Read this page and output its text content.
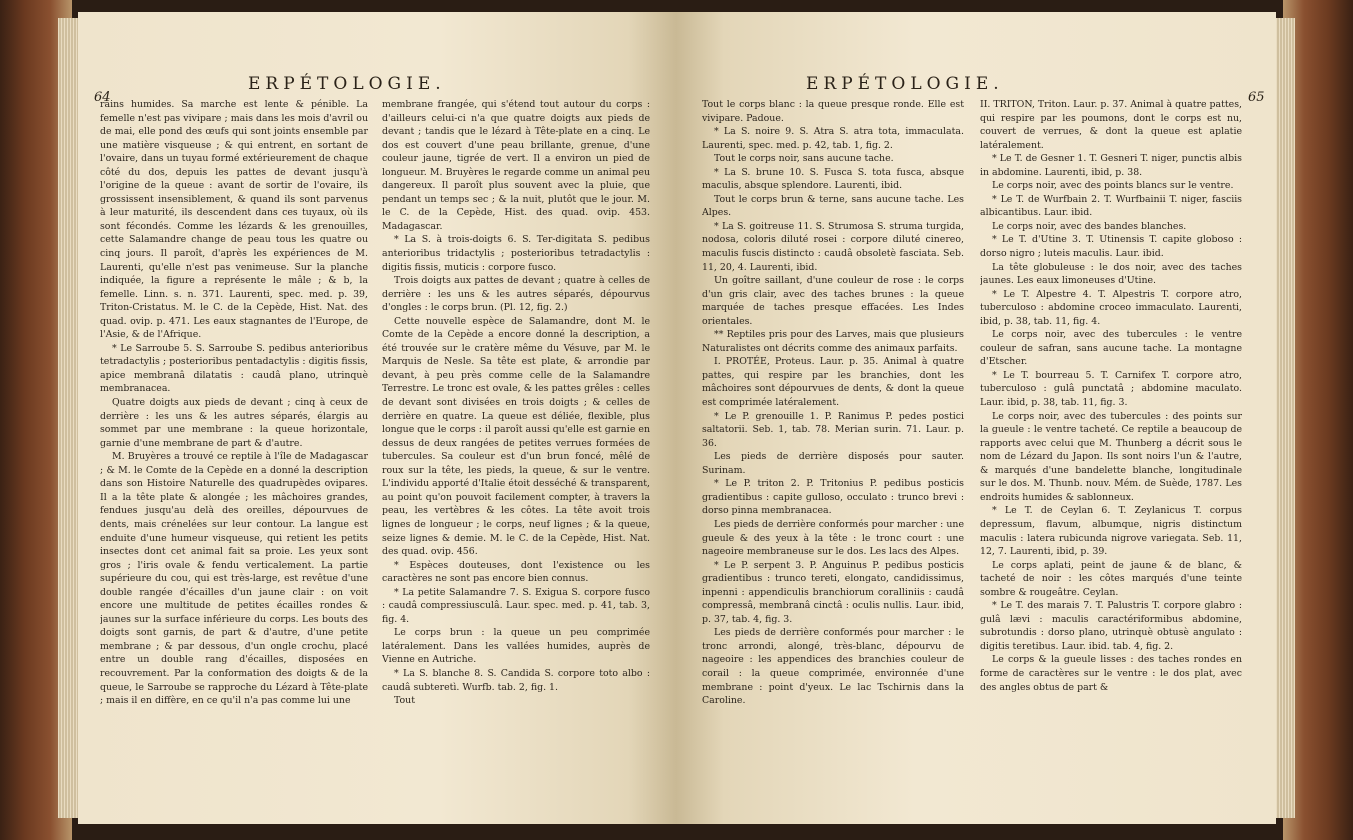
64
ERPÉTOLOGIE.

rains humides. Sa marche est lente & pénible. La femelle n'est pas vivipare ; mais dans les mois d'avril ou de mai, elle pond des œufs qui sont joints ensemble par une matière visqueuse ; & qui entrent, en sortant de l'ovaire, dans un tuyau formé extérieurement de chaque côté du dos, depuis les pattes de devant jusqu'à l'origine de la queue : avant de sortir de l'ovaire, ils grossissent insensiblement, & quand ils sont parvenus à leur maturité, ils descendent dans ces tuyaux, où ils sont fécondés. Comme les lézards & les grenouilles, cette Salamandre change de peau tous les quatre ou cinq jours. Il paroît, d'après les expériences de M. Laurenti, qu'elle n'est pas venimeuse. Sur la planche indiquée, la figure a représente le mâle ; & b, la femelle. Linn. s. n. 371. Laurenti, spec. med. p. 39, Triton-Cristatus. M. le C. de la Cepède, Hist. Nat. des quad. ovip. p. 471. Les eaux stagnantes de l'Europe, de l'Asie, & de l'Afrique.

* Le Sarroube 5. S. Sarroube S. pedibus anterioribus tetradactylis ; posterioribus pentadactylis : digitis fissis, apice membranâ dilatatis : caudâ plano, utrinquè membranacea.

Quatre doigts aux pieds de devant ; cinq à ceux de derrière : les uns & les autres séparés, élargis au sommet par une membrane : la queue horizontale, garnie d'une membrane de part & d'autre.

M. Bruyères a trouvé ce reptile à l'île de Madagascar ; & M. le Comte de la Cepède en a donné la description dans son Histoire Naturelle des quadrupèdes ovipares. Il a la tête plate & alongée ; les mâchoires grandes, fendues jusqu'au delà des oreilles, dépourvues de dents, mais crénelées sur leur contour. La langue est enduite d'une humeur visqueuse, qui retient les petits insectes dont cet animal fait sa proie. Les yeux sont gros ; l'iris ovale & fendu verticalement. La partie supérieure du cou, qui est très-large, est revêtue d'une double rangée d'écailles d'un jaune clair : on voit encore une multitude de petites écailles rondes & jaunes sur la surface inférieure du corps. Les bouts des doigts sont garnis, de part & d'autre, d'une petite membrane ; & par dessous, d'un ongle crochu, placé entre un double rang d'écailles, disposées en recouvrement. Par la conformation des doigts & de la queue, le Sarroube se rapproche du Lézard à Tête-plate ; mais il en diffère, en ce qu'il n'a pas comme lui une

membrane frangée, qui s'étend tout autour du corps : d'ailleurs celui-ci n'a que quatre doigts aux pieds de devant ; tandis que le lézard à Tête-plate en a cinq. Le dos est couvert d'une peau brillante, grenue, d'une couleur jaune, tigrée de vert. Il a environ un pied de longueur. M. Bruyères le regarde comme un animal peu dangereux. Il paroît plus souvent avec la pluie, que pendant un temps sec ; & la nuit, plutôt que le jour. M. le C. de la Cepède, Hist. des quad. ovip. 453. Madagascar.

* La S. à trois-doigts 6. S. Ter-digitata S. pedibus anterioribus tridactylis ; posterioribus tetradactylis : digitis fissis, muticis : corpore fusco.

Trois doigts aux pattes de devant ; quatre à celles de derrière : les uns & les autres séparés, dépourvus d'ongles : le corps brun. (Pl. 12, fig. 2.)

Cette nouvelle espèce de Salamandre, dont M. le Comte de la Cepède a encore donné la description, a été trouvée sur le cratère même du Vésuve, par M. le Marquis de Nesle. Sa tête est plate, & arrondie par devant, à peu près comme celle de la Salamandre Terrestre. Le tronc est ovale, & les pattes grêles : celles de devant sont divisées en trois doigts ; & celles de derrière en quatre. La queue est déliée, flexible, plus longue que le corps : il paroît aussi qu'elle est garnie en dessus de deux rangées de petites verrues formées de tubercules. Sa couleur est d'un brun foncé, mêlé de roux sur la tête, les pieds, la queue, & sur le ventre. L'individu apporté d'Italie étoit desséché & transparent, au point qu'on pouvoit facilement compter, à travers la peau, les vertèbres & les côtes. La tête avoit trois lignes de longueur ; le corps, neuf lignes ; & la queue, seize lignes & demie. M. le C. de la Cepède, Hist. Nat. des quad. ovip. 456.

* Espèces douteuses, dont l'existence ou les caractères ne sont pas encore bien connus.

* La petite Salamandre 7. S. Exigua S. corpore fusco : caudâ compressiusculâ. Laur. spec. med. p. 41, tab. 3, fig. 4.

Le corps brun : la queue un peu comprimée latéralement. Dans les vallées humides, auprès de Vienne en Autriche.

* La S. blanche 8. S. Candida S. corpore toto albo : caudâ subteretì. Wurfb. tab. 2, fig. 1.

Tout

ERPÉTOLOGIE.
65

Tout le corps blanc : la queue presque ronde. Elle est vivipare. Padoue.

* La S. noire 9. S. Atra S. atra tota, immaculata. Laurenti, spec. med. p. 42, tab. 1, fig. 2.

Tout le corps noir, sans aucune tache.

* La S. brune 10. S. Fusca S. tota fusca, absque maculis, absque splendore. Laurenti, ibid.

Tout le corps brun & terne, sans aucune tache. Les Alpes.

* La S. goitreuse 11. S. Strumosa S. struma turgida, nodosa, coloris diluté rosei : corpore diluté cinereo, maculis fuscis distincto : caudâ obsoletè fasciata. Seb. 11, 20, 4. Laurenti, ibid.

Un goître saillant, d'une couleur de rose : le corps d'un gris clair, avec des taches brunes : la queue marquée de taches presque effacées. Les Indes orientales.

** Reptiles pris pour des Larves, mais que plusieurs Naturalistes ont décrits comme des animaux parfaits.

I. PROTÉE, Proteus. Laur. p. 35. Animal à quatre pattes, qui respire par les branchies, dont les mâchoires sont dépourvues de dents, & dont la queue est comprimée latéralement.

* Le P. grenouille 1. P. Ranimus P. pedes postici saltatorii. Seb. 1, tab. 78. Merian surin. 71. Laur. p. 36.

Les pieds de derrière disposés pour sauter. Surinam.

* Le P. triton 2. P. Tritonius P. pedibus posticis gradientibus : capite gulloso, occulato : trunco brevi : dorso pinna membranacea.

Les pieds de derrière conformés pour marcher : une gueule & des yeux à la tête : le tronc court : une nageoire membraneuse sur le dos. Les lacs des Alpes.

* Le P. serpent 3. P. Anguinus P. pedibus posticis gradientibus : trunco tereti, elongato, candidissimus, inpenni : appendiculis branchiorum coralliniis : caudâ compressâ, membranâ cinctâ : oculis nullis. Laur. ibid, p. 37, tab. 4, fig. 3.

Les pieds de derrière conformés pour marcher : le tronc arrondi, alongé, très-blanc, dépourvu de nageoire : les appendices des branchies couleur de corail : la queue comprimée, environnée d'une membrane : point d'yeux. Le lac Tschirnis dans la Caroline.

II. TRITON, Triton. Laur. p. 37. Animal à quatre pattes, qui respire par les poumons, dont le corps est nu, couvert de verrues, & dont la queue est aplatie latéralement.

* Le T. de Gesner 1. T. Gesneri T. niger, punctis albis in abdomine. Laurenti, ibid, p. 38.

Le corps noir, avec des points blancs sur le ventre.

* Le T. de Wurfbain 2. T. Wurfbainii T. niger, fasciis albicantibus. Laur. ibid.

Le corps noir, avec des bandes blanches.

* Le T. d'Utine 3. T. Utinensis T. capite globoso : dorso nigro ; luteis maculis. Laur. ibid.

La tête globuleuse : le dos noir, avec des taches jaunes. Les eaux limoneuses d'Utine.

* Le T. Alpestre 4. T. Alpestris T. corpore atro, tuberculoso : abdomine croceo immaculato. Laurenti, ibid, p. 38, tab. 11, fig. 4.

Le corps noir, avec des tubercules : le ventre couleur de safran, sans aucune tache. La montagne d'Etscher.

* Le T. bourreau 5. T. Carnifex T. corpore atro, tuberculoso : gulâ punctatâ ; abdomine maculato. Laur. ibid, p. 38, tab. 11, fig. 3.

Le corps noir, avec des tubercules : des points sur la gueule : le ventre tacheté. Ce reptile a beaucoup de rapports avec celui que M. Thunberg a décrit sous le nom de Lézard du Japon. Ils sont noirs l'un & l'autre, & marqués d'une bandelette blanche, longitudinale sur le dos. M. Thunb. nouv. Mém. de Suède, 1787. Les endroits humides & sablonneux.

* Le T. de Ceylan 6. T. Zeylanicus T. corpus depressum, flavum, albumque, nigris distinctum maculis : latera rubicunda nigrove variegata. Seb. 11, 12, 7. Laurenti, ibid, p. 39.

Le corps aplati, peint de jaune & de blanc, & tacheté de noir : les côtes marqués d'une teinte sombre & rougeâtre. Ceylan.

* Le T. des marais 7. T. Palustris T. corpore glabro : gulâ lævi : maculis caractériformibus abdomine, subrotundis : dorso plano, utrinquè obtusè angulato : digitis teretibus. Laur. ibid. tab. 4, fig. 2.

Le corps & la gueule lisses : des taches rondes en forme de caractères sur le ventre : le dos plat, avec des angles obtus de part &
